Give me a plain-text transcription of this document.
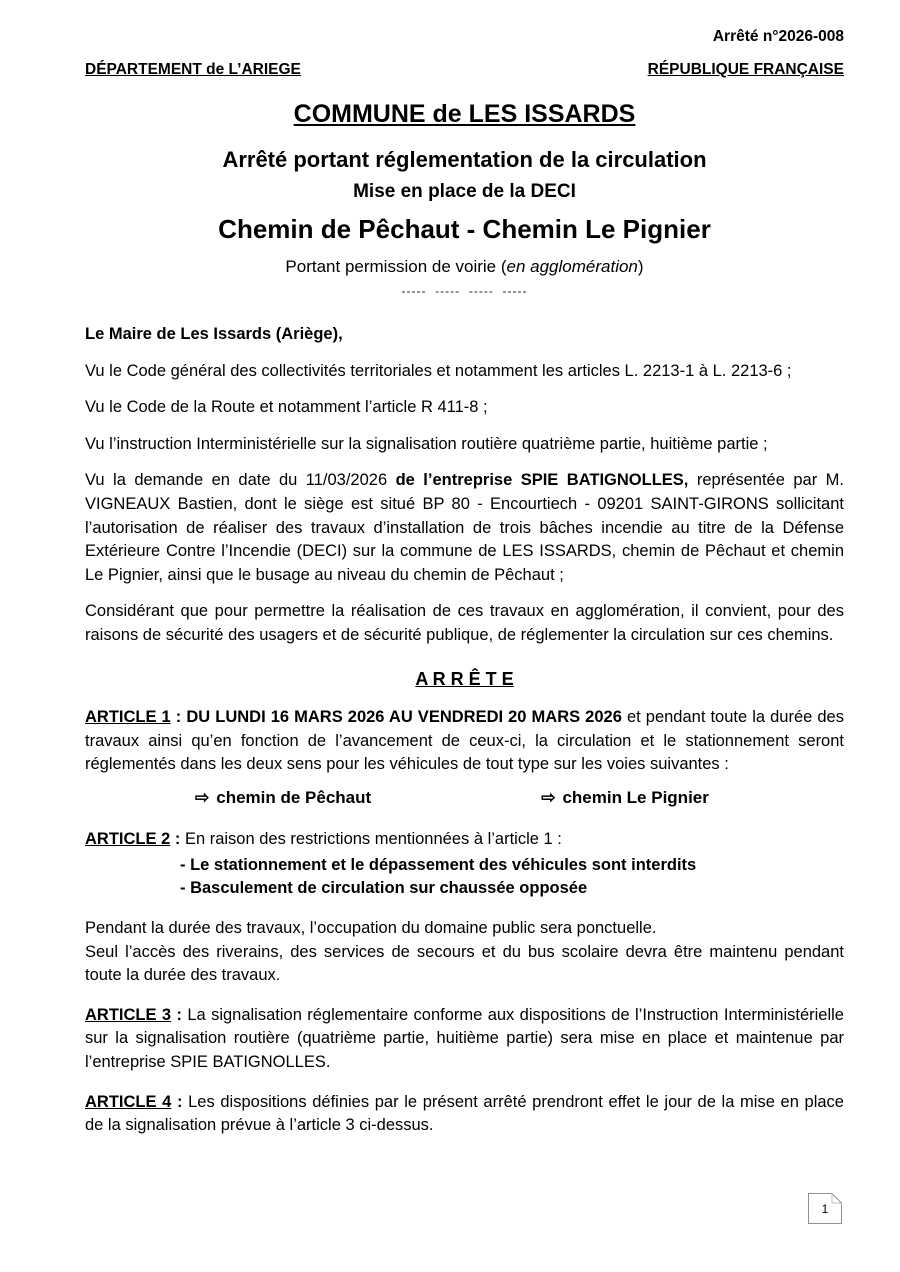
Arrêté n°2026-008
DÉPARTEMENT de L’ARIEGE	RÉPUBLIQUE FRANÇAISE
COMMUNE de LES ISSARDS
Arrêté portant réglementation de la circulation
Mise en place de la DECI
Chemin de Pêchaut - Chemin Le Pignier
Portant permission de voirie (en agglomération)
-----  -----  -----  -----

Le Maire de Les Issards (Ariège),

Vu le Code général des collectivités territoriales et notamment les articles L. 2213-1 à L. 2213-6 ;

Vu le Code de la Route et notamment l’article R 411-8 ;

Vu l’instruction Interministérielle sur la signalisation routière quatrième partie, huitième partie ;

Vu la demande en date du 11/03/2026 de l’entreprise SPIE BATIGNOLLES, représentée par M. VIGNEAUX Bastien, dont le siège est situé BP 80 - Encourtiech - 09201 SAINT-GIRONS sollicitant l’autorisation de réaliser des travaux d’installation de trois bâches incendie au titre de la Défense Extérieure Contre l’Incendie (DECI) sur la commune de LES ISSARDS, chemin de Pêchaut et chemin Le Pignier, ainsi que le busage au niveau du chemin de Pêchaut ;

Considérant que pour permettre la réalisation de ces travaux en agglomération, il convient, pour des raisons de sécurité des usagers et de sécurité publique, de réglementer la circulation sur ces chemins.

A R R Ê T E

ARTICLE 1 : DU LUNDI 16 MARS 2026 AU VENDREDI 20 MARS 2026 et pendant toute la durée des travaux ainsi qu’en fonction de l’avancement de ceux-ci, la circulation et le stationnement seront réglementés dans les deux sens pour les véhicules de tout type sur les voies suivantes :

⇨ chemin de Pêchaut	⇨ chemin Le Pignier

ARTICLE 2 : En raison des restrictions mentionnées à l’article 1 :

- Le stationnement et le dépassement des véhicules sont interdits
- Basculement de circulation sur chaussée opposée
Pendant la durée des travaux, l’occupation du domaine public sera ponctuelle.
Seul l’accès des riverains, des services de secours et du bus scolaire devra être maintenu pendant toute la durée des travaux.

ARTICLE 3 : La signalisation réglementaire conforme aux dispositions de l’Instruction Interministérielle sur la signalisation routière (quatrième partie, huitième partie) sera mise en place et maintenue par l’entreprise SPIE BATIGNOLLES.

ARTICLE 4 : Les dispositions définies par le présent arrêté prendront effet le jour de la mise en place de la signalisation prévue à l’article 3 ci-dessus.

1
